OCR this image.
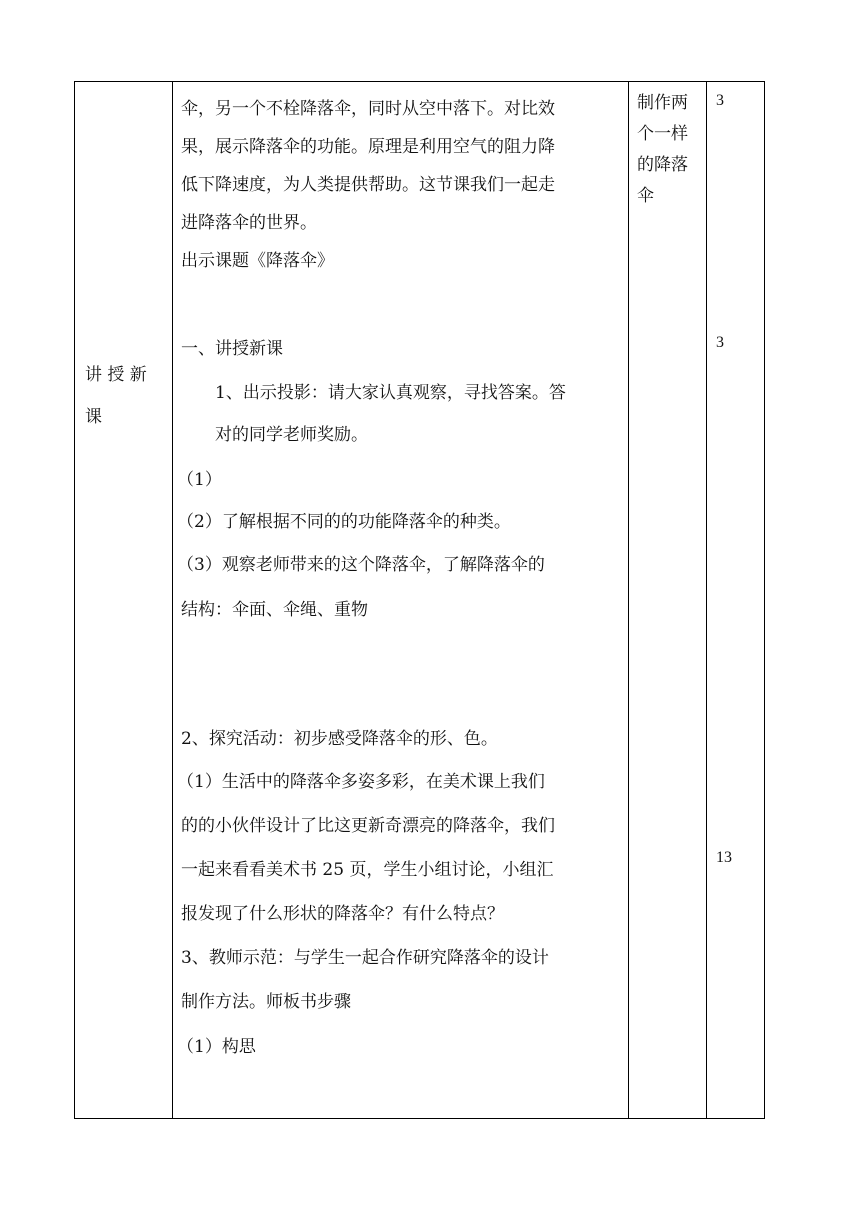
讲 授 新
课
伞，另一个不栓降落伞，同时从空中落下。对比效
果，展示降落伞的功能。原理是利用空气的阻力降
低下降速度，为人类提供帮助。这节课我们一起走
进降落伞的世界。
出示课题《降落伞》
一、讲授新课
1、出示投影：请大家认真观察，寻找答案。答
对的同学老师奖励。
（1）
（2）了解根据不同的的功能降落伞的种类。
（3）观察老师带来的这个降落伞，了解降落伞的
结构：伞面、伞绳、重物
2、探究活动：初步感受降落伞的形、色。
（1）生活中的降落伞多姿多彩，在美术课上我们
的的小伙伴设计了比这更新奇漂亮的降落伞，我们
一起来看看美术书 25 页，学生小组讨论，小组汇
报发现了什么形状的降落伞？有什么特点？
3、教师示范：与学生一起合作研究降落伞的设计
制作方法。师板书步骤
（1）构思
制作两
个一样
的降落
伞
3
3
13
